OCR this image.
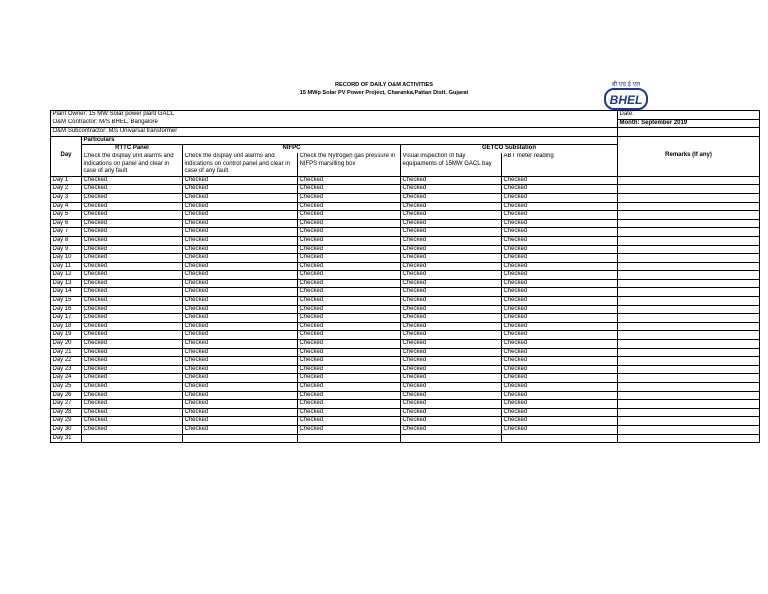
RECORD OF DAILY O&M ACTIVITIES
15 MWp Solar PV Power Project, Charanka,Pattan Distt. Gujarat
बी एच ई एल
BHEL
Plant Owner: 15 MW Solar power plant GACL						Date:
O&M Contractor: M/S BHEL, Bangalore						Month: September 2019
O&M Subcontractor: M/s Univarsal transformer						
Day	Particulars					Remarks (If any)
	RTTC Panel	NIFPC		GETCO Substation		
	Check the display unit alarms and indications on panel and clear in case of any fault	Check the display unit alarms and indications on control panel and clear in case of any fault	Check the Nytrogen gas pressure in NIFPS marsilling box	Visual inspection of bay equipaments of 15MW GACL bay	ABT meter reading	
Day 1	Checked	Checked	Checked	Checked	Checked	
Day 2	Checked	Checked	Checked	Checked	Checked	
Day 3	Checked	Checked	Checked	Checked	Checked	
Day 4	Checked	Checked	Checked	Checked	Checked	
Day 5	Checked	Checked	Checked	Checked	Checked	
Day 6	Checked	Checked	Checked	Checked	Checked	
Day 7	Checked	Checked	Checked	Checked	Checked	
Day 8	Checked	Checked	Checked	Checked	Checked	
Day 9	Checked	Checked	Checked	Checked	Checked	
Day 10	Checked	Checked	Checked	Checked	Checked	
Day 11	Checked	Checked	Checked	Checked	Checked	
Day 12	Checked	Checked	Checked	Checked	Checked	
Day 13	Checked	Checked	Checked	Checked	Checked	
Day 14	Checked	Checked	Checked	Checked	Checked	
Day 15	Checked	Checked	Checked	Checked	Checked	
Day 16	Checked	Checked	Checked	Checked	Checked	
Day 17	Checked	Checked	Checked	Checked	Checked	
Day 18	Checked	Checked	Checked	Checked	Checked	
Day 19	Checked	Checked	Checked	Checked	Checked	
Day 20	Checked	Checked	Checked	Checked	Checked	
Day 21	Checked	Checked	Checked	Checked	Checked	
Day 22	Checked	Checked	Checked	Checked	Checked	
Day 23	Checked	Checked	Checked	Checked	Checked	
Day 24	Checked	Checked	Checked	Checked	Checked	
Day 25	Checked	Checked	Checked	Checked	Checked	
Day 26	Checked	Checked	Checked	Checked	Checked	
Day 27	Checked	Checked	Checked	Checked	Checked	
Day 28	Checked	Checked	Checked	Checked	Checked	
Day 29	Checked	Checked	Checked	Checked	Checked	
Day 30	Checked	Checked	Checked	Checked	Checked	
Day 31						
